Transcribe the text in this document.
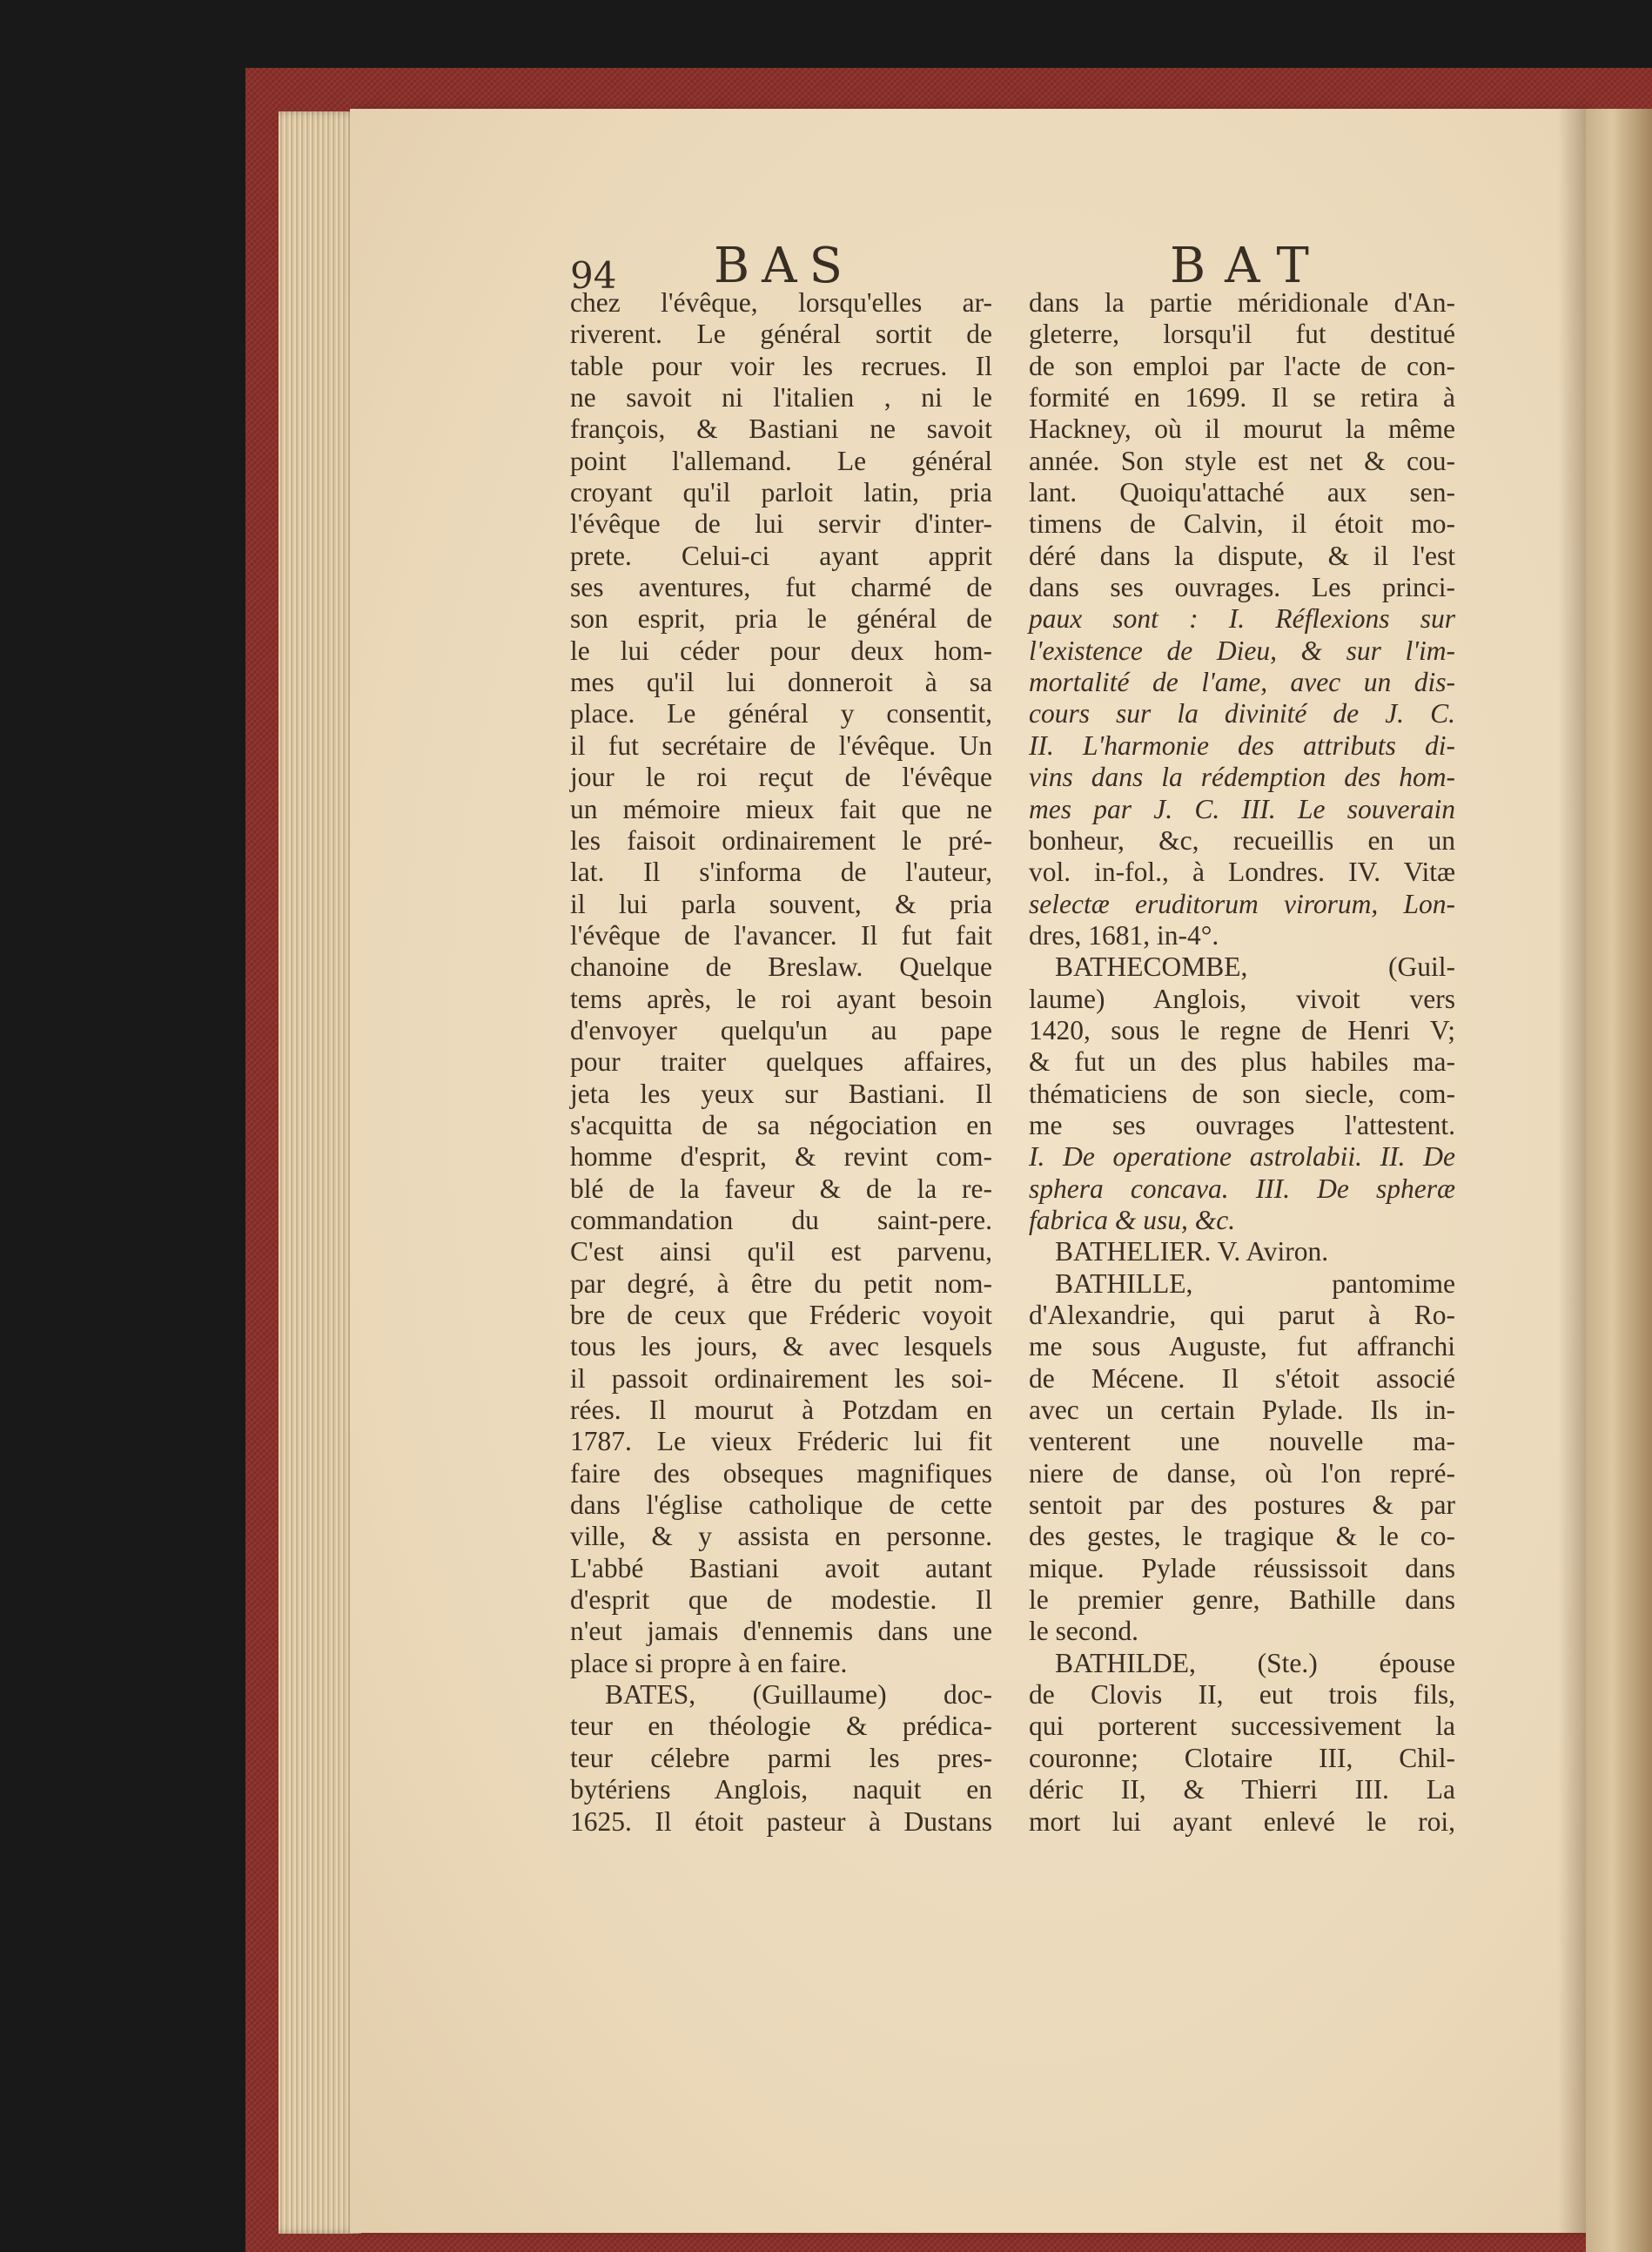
94 BAS	BAT
chez l'évêque, lorsqu'elles ar-
riverent. Le général sortit de
table pour voir les recrues. Il
ne savoit ni l'italien , ni le
françois, & Bastiani ne savoit
point l'allemand. Le général
croyant qu'il parloit latin, pria
l'évêque de lui servir d'inter-
prete. Celui-ci ayant apprit
ses aventures, fut charmé de
son esprit, pria le général de
le lui céder pour deux hom-
mes qu'il lui donneroit à sa
place. Le général y consentit,
il fut secrétaire de l'évêque. Un
jour le roi reçut de l'évêque
un mémoire mieux fait que ne
les faisoit ordinairement le pré-
lat. Il s'informa de l'auteur,
il lui parla souvent, & pria
l'évêque de l'avancer. Il fut fait
chanoine de Breslaw. Quelque
tems après, le roi ayant besoin
d'envoyer quelqu'un au pape
pour traiter quelques affaires,
jeta les yeux sur Bastiani. Il
s'acquitta de sa négociation en
homme d'esprit, & revint com-
blé de la faveur & de la re-
commandation du saint-pere.
C'est ainsi qu'il est parvenu,
par degré, à être du petit nom-
bre de ceux que Fréderic voyoit
tous les jours, & avec lesquels
il passoit ordinairement les soi-
rées. Il mourut à Potzdam en
1787. Le vieux Fréderic lui fit
faire des obseques magnifiques
dans l'église catholique de cette
ville, & y assista en personne.
L'abbé Bastiani avoit autant
d'esprit que de modestie. Il
n'eut jamais d'ennemis dans une
place si propre à en faire.
BATES, (Guillaume) doc-
teur en théologie & prédica-
teur célebre parmi les pres-
bytériens Anglois, naquit en
1625. Il étoit pasteur à Dustans
dans la partie méridionale d'An-
gleterre, lorsqu'il fut destitué
de son emploi par l'acte de con-
formité en 1699. Il se retira à
Hackney, où il mourut la même
année. Son style est net & cou-
lant. Quoiqu'attaché aux sen-
timens de Calvin, il étoit mo-
déré dans la dispute, & il l'est
dans ses ouvrages. Les princi-
paux sont : I. Réflexions sur
l'existence de Dieu, & sur l'im-
mortalité de l'ame, avec un dis-
cours sur la divinité de J. C.
II. L'harmonie des attributs di-
vins dans la rédemption des hom-
mes par J. C. III. Le souverain
bonheur, &c, recueillis en un
vol. in-fol., à Londres. IV. Vitæ
selectæ eruditorum virorum, Lon-
dres, 1681, in-4°.
BATHECOMBE, (Guil-
laume) Anglois, vivoit vers
1420, sous le regne de Henri V;
& fut un des plus habiles ma-
thématiciens de son siecle, com-
me ses ouvrages l'attestent.
I. De operatione astrolabii. II. De
sphera concava. III. De spheræ
fabrica & usu, &c.
BATHELIER. V. Aviron.
BATHILLE, pantomime
d'Alexandrie, qui parut à Ro-
me sous Auguste, fut affranchi
de Mécene. Il s'étoit associé
avec un certain Pylade. Ils in-
venterent une nouvelle ma-
niere de danse, où l'on repré-
sentoit par des postures & par
des gestes, le tragique & le co-
mique. Pylade réussissoit dans
le premier genre, Bathille dans
le second.
BATHILDE, (Ste.) épouse
de Clovis II, eut trois fils,
qui porterent successivement la
couronne; Clotaire III, Chil-
déric II, & Thierri III. La
mort lui ayant enlevé le roi,
